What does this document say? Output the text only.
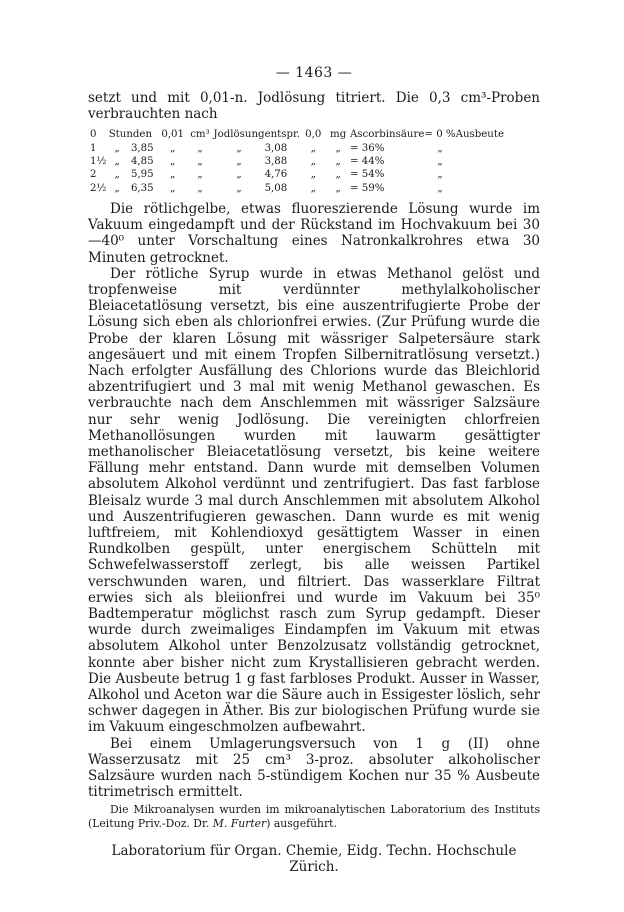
— 1463 —

setzt und mit 0,01-n. Jodlösung titriert. Die 0,3 cm³-Proben verbrauchten nach

0	Stunden		0,01	cm³	Jodlösung	entspr.	0,0	mg	Ascorbinsäure	= 0 %	Ausbeute
1	„	3,85	„	„	„	3,08	„	„	= 36%	„	
1½	„	4,85	„	„	„	3,88	„	„	= 44%	„	
2	„	5,95	„	„	„	4,76	„	„	= 54%	„	
2½	„	6,35	„	„	„	5,08	„	„	= 59%	„	

Die rötlichgelbe, etwas fluoreszierende Lösung wurde im Vakuum eingedampft und der Rückstand im Hochvakuum bei 30—40⁰ unter Vorschaltung eines Natronkalkrohres etwa 30 Minuten getrocknet.

Der rötliche Syrup wurde in etwas Methanol gelöst und tropfenweise mit verdünnter methylalkoholischer Bleiacetatlösung versetzt, bis eine auszentrifugierte Probe der Lösung sich eben als chlorionfrei erwies. (Zur Prüfung wurde die Probe der klaren Lösung mit wässriger Salpetersäure stark angesäuert und mit einem Tropfen Silbernitratlösung versetzt.) Nach erfolgter Ausfällung des Chlorions wurde das Bleichlorid abzentrifugiert und 3 mal mit wenig Methanol gewaschen. Es verbrauchte nach dem Anschlemmen mit wässriger Salzsäure nur sehr wenig Jodlösung. Die vereinigten chlorfreien Methanollösungen wurden mit lauwarm gesättigter methanolischer Bleiacetatlösung versetzt, bis keine weitere Fällung mehr entstand. Dann wurde mit demselben Volumen absolutem Alkohol verdünnt und zentrifugiert. Das fast farblose Bleisalz wurde 3 mal durch Anschlemmen mit absolutem Alkohol und Auszentrifugieren gewaschen. Dann wurde es mit wenig luftfreiem, mit Kohlendioxyd gesättigtem Wasser in einen Rundkolben gespült, unter energischem Schütteln mit Schwefelwasserstoff zerlegt, bis alle weissen Partikel verschwunden waren, und filtriert. Das wasserklare Filtrat erwies sich als bleiionfrei und wurde im Vakuum bei 35⁰ Badtemperatur möglichst rasch zum Syrup gedampft. Dieser wurde durch zweimaliges Eindampfen im Vakuum mit etwas absolutem Alkohol unter Benzolzusatz vollständig getrocknet, konnte aber bisher nicht zum Krystallisieren gebracht werden. Die Ausbeute betrug 1 g fast farbloses Produkt. Ausser in Wasser, Alkohol und Aceton war die Säure auch in Essigester löslich, sehr schwer dagegen in Äther. Bis zur biologischen Prüfung wurde sie im Vakuum eingeschmolzen aufbewahrt.

Bei einem Umlagerungsversuch von 1 g (II) ohne Wasserzusatz mit 25 cm³ 3-proz. absoluter alkoholischer Salzsäure wurden nach 5-stündigem Kochen nur 35 % Ausbeute titrimetrisch ermittelt.

Die Mikroanalysen wurden im mikroanalytischen Laboratorium des Instituts (Leitung Priv.-Doz. Dr. M. Furter) ausgeführt.

Laboratorium für Organ. Chemie, Eidg. Techn. Hochschule
Zürich.
